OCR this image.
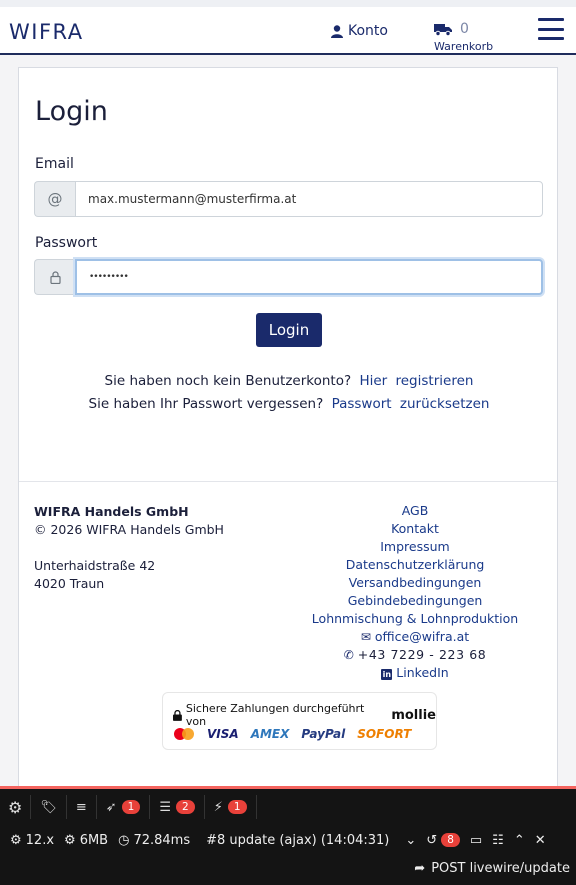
WIFRA	Konto	0
Warenkorb
Login
Email
@
max.mustermann@musterfirma.at
Passwort
•••••••••
Login
Sie haben noch kein Benutzerkonto? Hier registrieren
Sie haben Ihr Passwort vergessen? Passwort zurücksetzen
WIFRA Handels GmbH
© 2026 WIFRA Handels GmbH
Unterhaidstraße 42
4020 Traun
AGB
Kontakt
Impressum
Datenschutzerklärung
Versandbedingungen
Gebindebedingungen
Lohnmischung & Lohnproduktion
✉ office@wifra.at
✆ +43 7229 - 223 68
in LinkedIn
Sichere Zahlungen durchgeführt von	mollie
VISA AMEX PayPal SOFORT
⚙	🏷 ≡ ➶	1	☰	2	⚡	1
⚙ 12.x ⚙ 6MB ◷ 72.84ms #8 update (ajax) (14:04:31) ⌄ ↺ 8	▭ ☷ ⌃ ✕
➦ POST livewire/update
